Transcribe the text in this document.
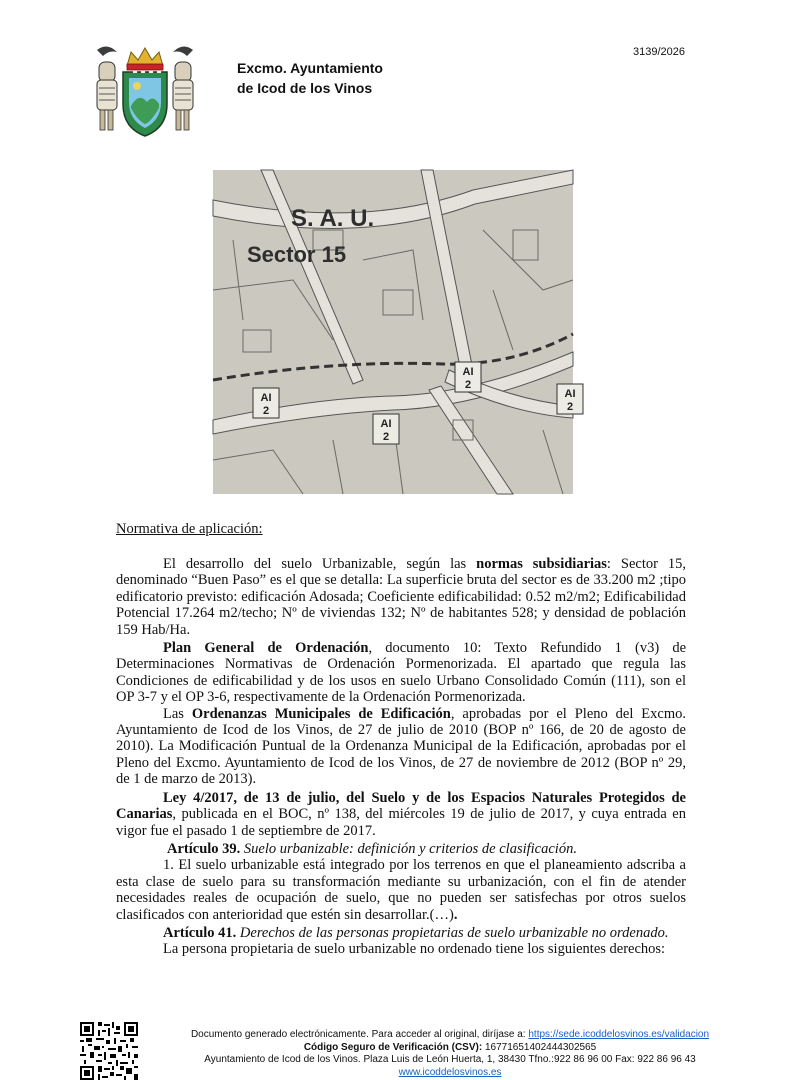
3139/2026
Excmo. Ayuntamiento
de Icod de los Vinos
S. A. U.
Sector 15
AI
2
AI
2
AI
2
AI
2
Normativa de aplicación:

El desarrollo del suelo Urbanizable, según las normas subsidiarias: Sector 15, denominado “Buen Paso” es el que se detalla: La superficie bruta del sector es de 33.200 m2 ;tipo edificatorio previsto: edificación Adosada; Coeficiente edificabilidad: 0.52 m2/m2; Edificabilidad Potencial 17.264 m2/techo; Nº de viviendas 132; Nº de habitantes 528; y densidad de población 159 Hab/Ha.

Plan General de Ordenación, documento 10: Texto Refundido 1 (v3) de Determinaciones Normativas de Ordenación Pormenorizada. El apartado que regula las Condiciones de edificabilidad y de los usos en suelo Urbano Consolidado Común (111), son el OP 3-7 y el OP 3-6, respectivamente de la Ordenación Pormenorizada.

Las Ordenanzas Municipales de Edificación, aprobadas por el Pleno del Excmo. Ayuntamiento de Icod de los Vinos, de 27 de julio de 2010 (BOP nº 166, de 20 de agosto de 2010). La Modificación Puntual de la Ordenanza Municipal de la Edificación, aprobadas por el Pleno del Excmo. Ayuntamiento de Icod de los Vinos, de 27 de noviembre de 2012 (BOP nº 29, de 1 de marzo de 2013).

Ley 4/2017, de 13 de julio, del Suelo y de los Espacios Naturales Protegidos de Canarias, publicada en el BOC, nº 138, del miércoles 19 de julio de 2017, y cuya entrada en vigor fue el pasado 1 de septiembre de 2017.

Artículo 39. Suelo urbanizable: definición y criterios de clasificación.

1. El suelo urbanizable está integrado por los terrenos en que el planeamiento adscriba a esta clase de suelo para su transformación mediante su urbanización, con el fin de atender necesidades reales de ocupación de suelo, que no pueden ser satisfechas por otros suelos clasificados con anterioridad que estén sin desarrollar.(…).

Artículo 41. Derechos de las personas propietarias de suelo urbanizable no ordenado.

La persona propietaria de suelo urbanizable no ordenado tiene los siguientes derechos:

Documento generado electrónicamente. Para acceder al original, diríjase a: https://sede.icoddelosvinos.es/validacion
Código Seguro de Verificación (CSV): 16771651402444302565
Ayuntamiento de Icod de los Vinos. Plaza Luis de León Huerta, 1, 38430 Tfno.:922 86 96 00 Fax: 922 86 96 43
www.icoddelosvinos.es
